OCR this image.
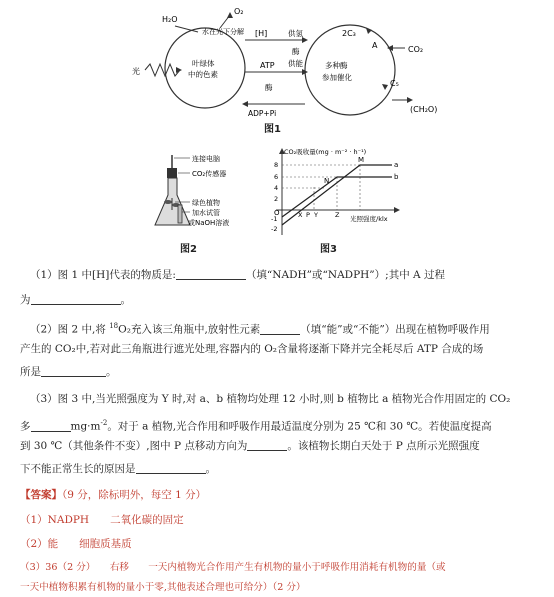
H₂O
水在光下分解
O₂
[H]	供氢
酶
光
叶绿体
中的色素
ATP 供能
酶
ADP+Pi
2C₃
A	CO₂
多种酶
参加催化
C₅
(CH₂O)
图1
连接电脑
CO₂传感器
绿色植物
加水试管
或NaOH溶液
图2
CO₂吸收量(mg · m⁻² · h⁻¹)
光照强度/klx
a
b
M
N
X P Y	Z
O
8
6
4
2
-1
-2
图3
（1）图 1 中[H]代表的物质是:	（填“NADH”或“NADPH”）;其中 A 过程
为	。
（2）图 2 中,将 $^{18}$O₂充入该三角瓶中,放射性元素	（填“能”或“不能”）出现在植物呼吸作用
产生的 CO₂中,若对此三角瓶进行遮光处理,容器内的 O₂含量将逐渐下降并完全耗尽后 ATP 合成的场
所是	。
（3）图 3 中,当光照强度为 Y 时,对 a、b 植物均处理 12 小时,则 b 植物比 a 植物光合作用固定的 CO₂
多	$mg\cdot m^{-2}$。对于 a 植物,光合作用和呼吸作用最适温度分别为 25 ℃和 30 ℃。若使温度提高
到 30 ℃（其他条件不变）,图中 P 点移动方向为	。该植物长期白天处于 P 点所示光照强度
下不能正常生长的原因是	。
【答案】（9 分，除标明外，每空 1 分）
（1）NADPH　　二氧化碳的固定
（2）能　　细胞质基质
（3）36（2 分）　　右移　　一天内植物光合作用产生有机物的量小于呼吸作用消耗有机物的量（或
一天中植物积累有机物的量小于零,其他表述合理也可给分）（2 分）
